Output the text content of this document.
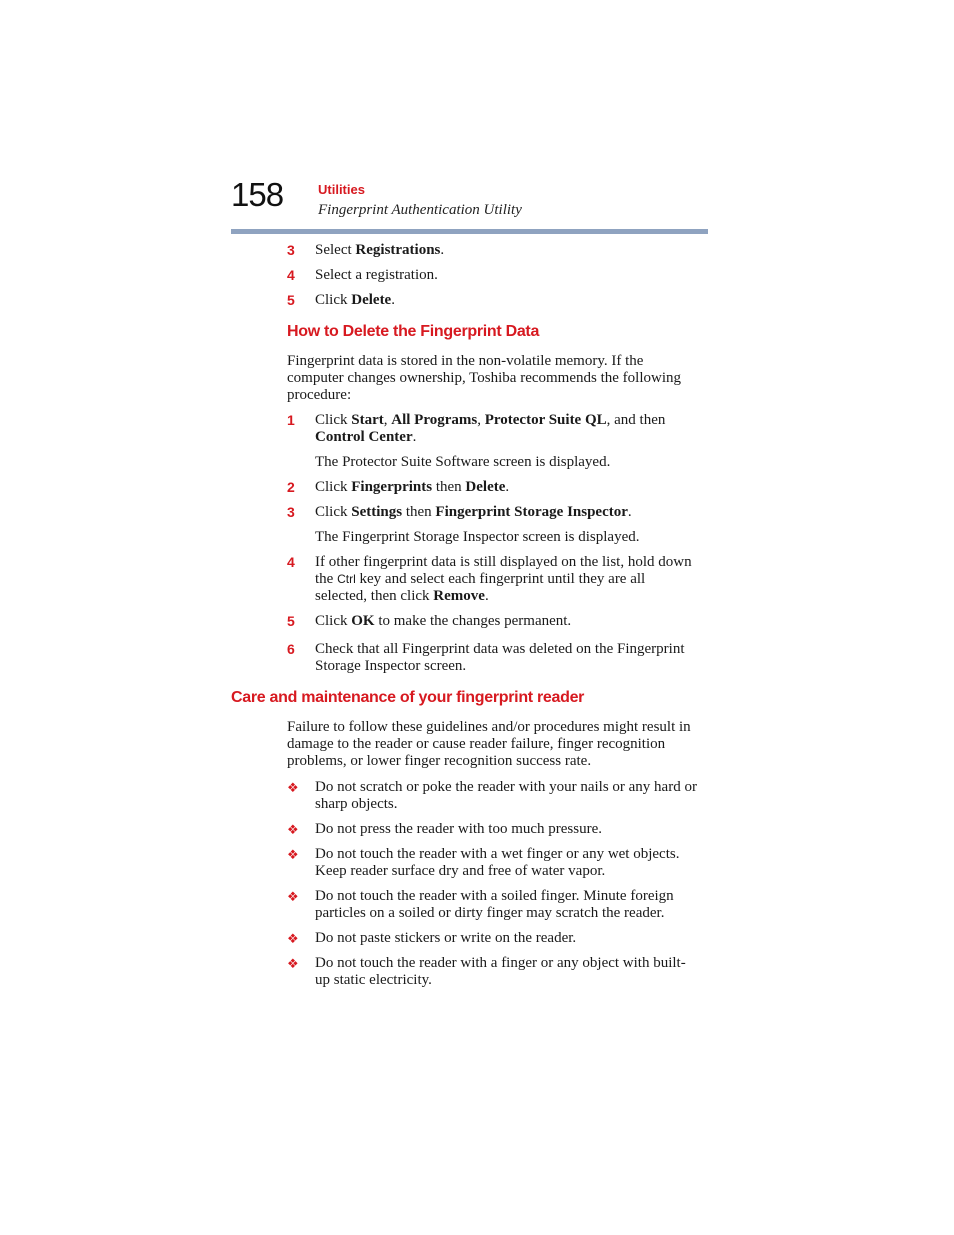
158	Utilities
Fingerprint Authentication Utility
3 Select Registrations.
4 Select a registration.
5 Click Delete.
How to Delete the Fingerprint Data
Fingerprint data is stored in the non-volatile memory. If the
computer changes ownership, Toshiba recommends the following
procedure:
1 Click Start, All Programs, Protector Suite QL, and then
Control Center.
The Protector Suite Software screen is displayed.
2 Click Fingerprints then Delete.
3 Click Settings then Fingerprint Storage Inspector.
The Fingerprint Storage Inspector screen is displayed.
4 If other fingerprint data is still displayed on the list, hold down
the Ctrl key and select each fingerprint until they are all
selected, then click Remove.
5 Click OK to make the changes permanent.
6 Check that all Fingerprint data was deleted on the Fingerprint
Storage Inspector screen.
Care and maintenance of your fingerprint reader
Failure to follow these guidelines and/or procedures might result in
damage to the reader or cause reader failure, finger recognition
problems, or lower finger recognition success rate.
❖ Do not scratch or poke the reader with your nails or any hard or
sharp objects.
❖ Do not press the reader with too much pressure.
❖ Do not touch the reader with a wet finger or any wet objects.
Keep reader surface dry and free of water vapor.
❖ Do not touch the reader with a soiled finger. Minute foreign
particles on a soiled or dirty finger may scratch the reader.
❖ Do not paste stickers or write on the reader.
❖ Do not touch the reader with a finger or any object with built-
up static electricity.
